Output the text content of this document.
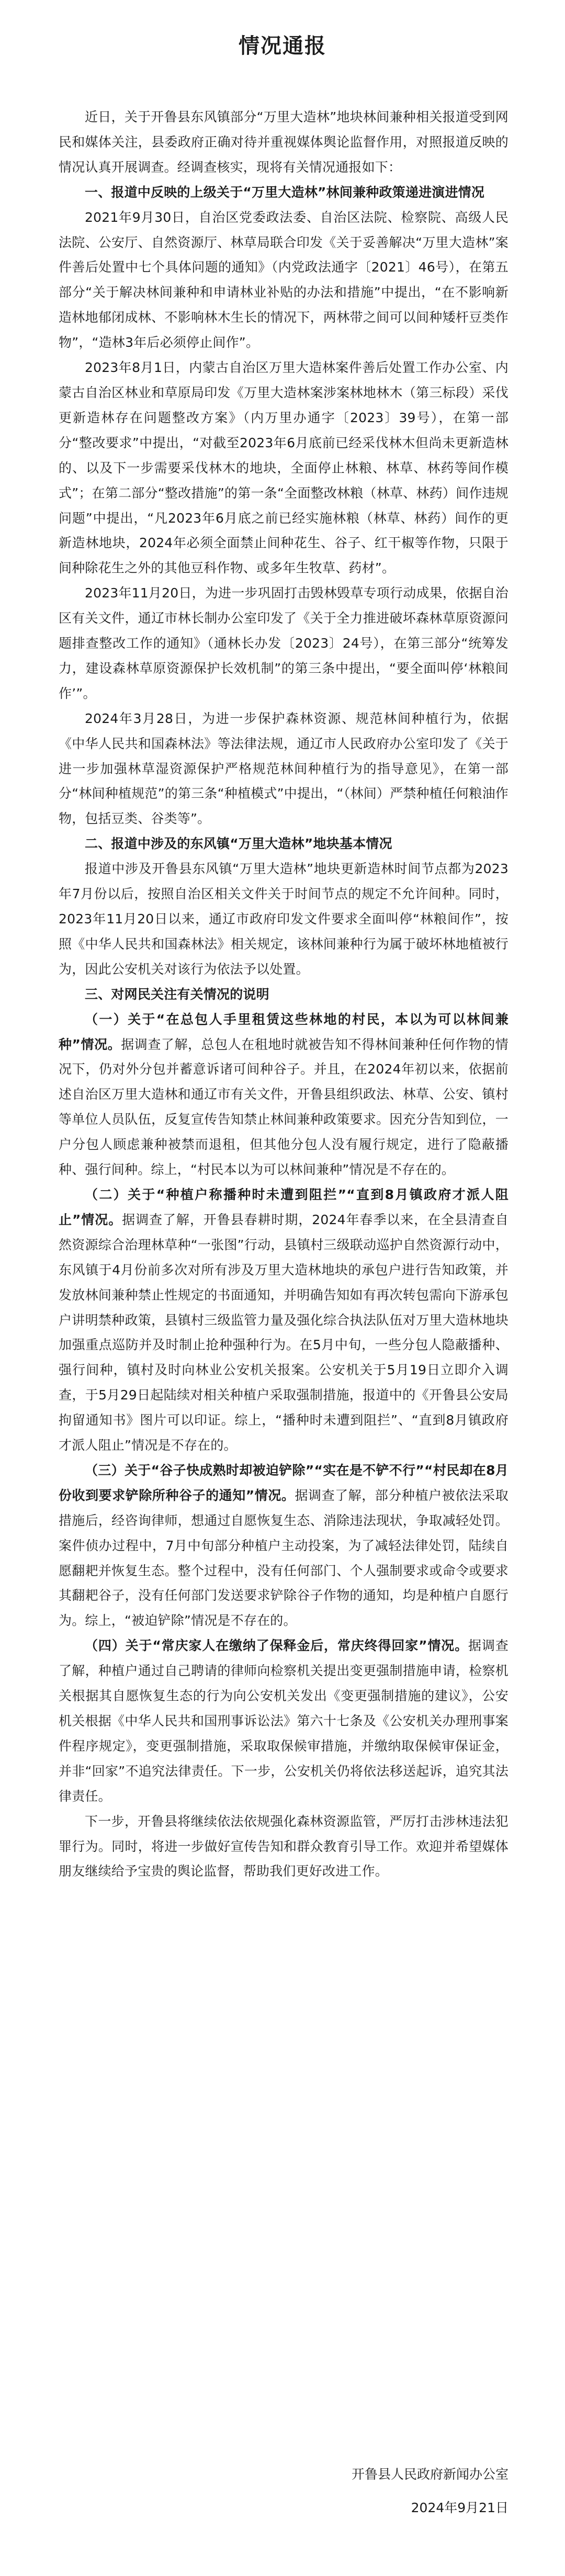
情况通报

近日，关于开鲁县东风镇部分“万里大造林”地块林间兼种相关报道受到网民和媒体关注，县委政府正确对待并重视媒体舆论监督作用，对照报道反映的情况认真开展调查。经调查核实，现将有关情况通报如下：

一、报道中反映的上级关于“万里大造林”林间兼种政策递进演进情况

2021年9月30日，自治区党委政法委、自治区法院、检察院、高级人民法院、公安厅、自然资源厅、林草局联合印发《关于妥善解决“万里大造林”案件善后处置中七个具体问题的通知》（内党政法通字〔2021〕46号），在第五部分“关于解决林间兼种和申请林业补贴的办法和措施”中提出，“在不影响新造林地郁闭成林、不影响林木生长的情况下，两林带之间可以间种矮杆豆类作物”，“造林3年后必须停止间作”。

2023年8月1日，内蒙古自治区万里大造林案件善后处置工作办公室、内蒙古自治区林业和草原局印发《万里大造林案涉案林地林木（第三标段）采伐更新造林存在问题整改方案》（内万里办通字〔2023〕39号），在第一部分“整改要求”中提出，“对截至2023年6月底前已经采伐林木但尚未更新造林的、以及下一步需要采伐林木的地块，全面停止林粮、林草、林药等间作模式”；在第二部分“整改措施”的第一条“全面整改林粮（林草、林药）间作违规问题”中提出，“凡2023年6月底之前已经实施林粮（林草、林药）间作的更新造林地块，2024年必须全面禁止间种花生、谷子、红干椒等作物，只限于间种除花生之外的其他豆科作物、或多年生牧草、药材”。

2023年11月20日，为进一步巩固打击毁林毁草专项行动成果，依据自治区有关文件，通辽市林长制办公室印发了《关于全力推进破坏森林草原资源问题排查整改工作的通知》（通林长办发〔2023〕24号），在第三部分“统筹发力，建设森林草原资源保护长效机制”的第三条中提出，“要全面叫停‘林粮间作’”。

2024年3月28日，为进一步保护森林资源、规范林间种植行为，依据《中华人民共和国森林法》等法律法规，通辽市人民政府办公室印发了《关于进一步加强林草湿资源保护严格规范林间种植行为的指导意见》，在第一部分“林间种植规范”的第三条“种植模式”中提出，“（林间）严禁种植任何粮油作物，包括豆类、谷类等”。

二、报道中涉及的东风镇“万里大造林”地块基本情况

报道中涉及开鲁县东风镇“万里大造林”地块更新造林时间节点都为2023年7月份以后，按照自治区相关文件关于时间节点的规定不允许间种。同时，2023年11月20日以来，通辽市政府印发文件要求全面叫停“林粮间作”，按照《中华人民共和国森林法》相关规定，该林间兼种行为属于破坏林地植被行为，因此公安机关对该行为依法予以处置。

三、对网民关注有关情况的说明

（一）关于“在总包人手里租赁这些林地的村民，本以为可以林间兼种”情况。据调查了解，总包人在租地时就被告知不得林间兼种任何作物的情况下，仍对外分包并蓄意诉诸可间种谷子。并且，在2024年初以来，依据前述自治区万里大造林和通辽市有关文件，开鲁县组织政法、林草、公安、镇村等单位人员队伍，反复宣传告知禁止林间兼种政策要求。因充分告知到位，一户分包人顾虑兼种被禁而退租，但其他分包人没有履行规定，进行了隐蔽播种、强行间种。综上，“村民本以为可以林间兼种”情况是不存在的。

（二）关于“种植户称播种时未遭到阻拦”“直到8月镇政府才派人阻止”情况。据调查了解，开鲁县春耕时期，2024年春季以来，在全县清查自然资源综合治理林草种“一张图”行动，县镇村三级联动巡护自然资源行动中，东风镇于4月份前多次对所有涉及万里大造林地块的承包户进行告知政策，并发放林间兼种禁止性规定的书面通知，并明确告知如有再次转包需向下游承包户讲明禁种政策，县镇村三级监管力量及强化综合执法队伍对万里大造林地块加强重点巡防并及时制止抢种强种行为。在5月中旬，一些分包人隐蔽播种、强行间种，镇村及时向林业公安机关报案。公安机关于5月19日立即介入调查，于5月29日起陆续对相关种植户采取强制措施，报道中的《开鲁县公安局拘留通知书》图片可以印证。综上，“播种时未遭到阻拦”、“直到8月镇政府才派人阻止”情况是不存在的。

（三）关于“谷子快成熟时却被迫铲除”“实在是不铲不行”“村民却在8月份收到要求铲除所种谷子的通知”情况。据调查了解，部分种植户被依法采取措施后，经咨询律师，想通过自愿恢复生态、消除违法现状，争取减轻处罚。案件侦办过程中，7月中旬部分种植户主动投案，为了减轻法律处罚，陆续自愿翻耙并恢复生态。整个过程中，没有任何部门、个人强制要求或命令或要求其翻耙谷子，没有任何部门发送要求铲除谷子作物的通知，均是种植户自愿行为。综上，“被迫铲除”情况是不存在的。

（四）关于“常庆家人在缴纳了保释金后，常庆终得回家”情况。据调查了解，种植户通过自己聘请的律师向检察机关提出变更强制措施申请，检察机关根据其自愿恢复生态的行为向公安机关发出《变更强制措施的建议》，公安机关根据《中华人民共和国刑事诉讼法》第六十七条及《公安机关办理刑事案件程序规定》，变更强制措施，采取取保候审措施，并缴纳取保候审保证金，并非“回家”不追究法律责任。下一步，公安机关仍将依法移送起诉，追究其法律责任。

下一步，开鲁县将继续依法依规强化森林资源监管，严厉打击涉林违法犯罪行为。同时，将进一步做好宣传告知和群众教育引导工作。欢迎并希望媒体朋友继续给予宝贵的舆论监督，帮助我们更好改进工作。

开鲁县人民政府新闻办公室
2024年9月21日
